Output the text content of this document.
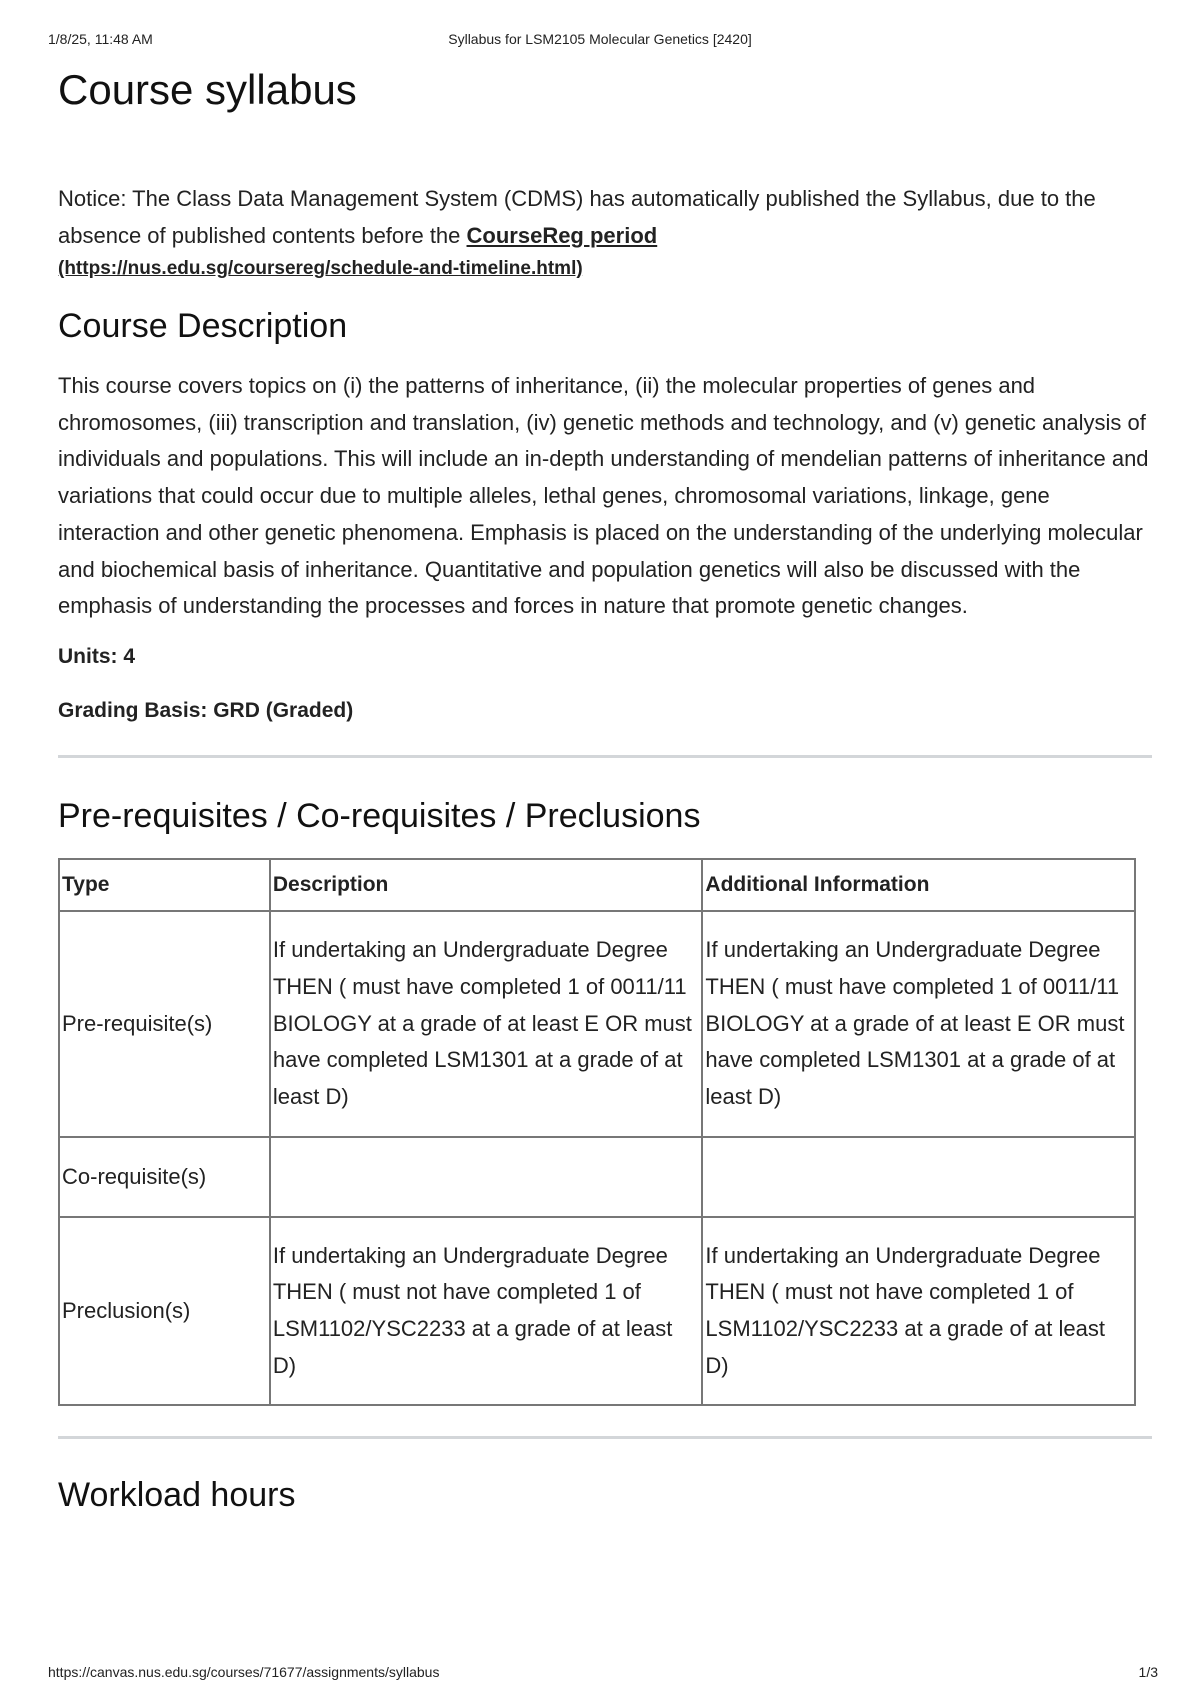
1/8/25, 11:48 AM	Syllabus for LSM2105 Molecular Genetics [2420]
Course syllabus

Notice: The Class Data Management System (CDMS) has automatically published the Syllabus, due to the absence of published contents before the CourseReg period
(https://nus.edu.sg/coursereg/schedule-and-timeline.html)

Course Description

This course covers topics on (i) the patterns of inheritance, (ii) the molecular properties of genes and chromosomes, (iii) transcription and translation, (iv) genetic methods and technology, and (v) genetic analysis of individuals and populations. This will include an in-depth understanding of mendelian patterns of inheritance and variations that could occur due to multiple alleles, lethal genes, chromosomal variations, linkage, gene interaction and other genetic phenomena. Emphasis is placed on the understanding of the underlying molecular and biochemical basis of inheritance. Quantitative and population genetics will also be discussed with the emphasis of understanding the processes and forces in nature that promote genetic changes.

Units: 4

Grading Basis: GRD (Graded)

Pre-requisites / Co-requisites / Preclusions
Type	Description	Additional Information
Pre-requisite(s)	If undertaking an Undergraduate Degree THEN ( must have completed 1 of 0011/11 BIOLOGY at a grade of at least E OR must have completed LSM1301 at a grade of at least D)	If undertaking an Undergraduate Degree THEN ( must have completed 1 of 0011/11 BIOLOGY at a grade of at least E OR must have completed LSM1301 at a grade of at least D)
Co-requisite(s)		
Preclusion(s)	If undertaking an Undergraduate Degree THEN ( must not have completed 1 of LSM1102/YSC2233 at a grade of at least D)	If undertaking an Undergraduate Degree THEN ( must not have completed 1 of LSM1102/YSC2233 at a grade of at least D)
Workload hours
https://canvas.nus.edu.sg/courses/71677/assignments/syllabus	1/3
